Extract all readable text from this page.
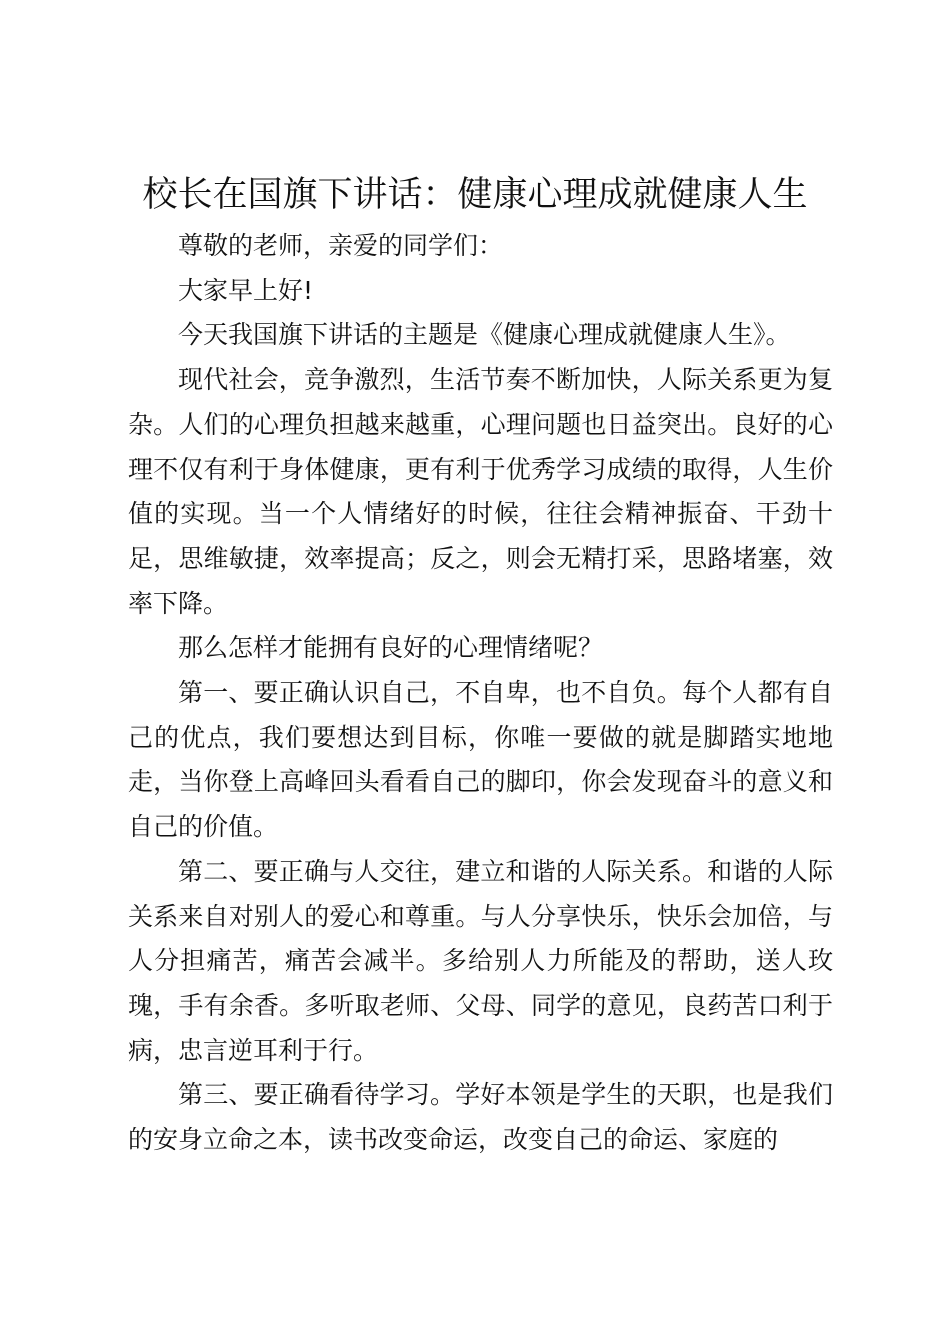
校长在国旗下讲话：健康心理成就健康人生

尊敬的老师，亲爱的同学们：

大家早上好!

今天我国旗下讲话的主题是《健康心理成就健康人生》。

现代社会，竞争激烈，生活节奏不断加快，人际关系更为复杂。人们的心理负担越来越重，心理问题也日益突出。良好的心理不仅有利于身体健康，更有利于优秀学习成绩的取得，人生价值的实现。当一个人情绪好的时候，往往会精神振奋、干劲十足，思维敏捷，效率提高；反之，则会无精打采，思路堵塞，效率下降。

那么怎样才能拥有良好的心理情绪呢？

第一、要正确认识自己，不自卑，也不自负。每个人都有自己的优点，我们要想达到目标，你唯一要做的就是脚踏实地地走，当你登上高峰回头看看自己的脚印，你会发现奋斗的意义和自己的价值。

第二、要正确与人交往，建立和谐的人际关系。和谐的人际关系来自对别人的爱心和尊重。与人分享快乐，快乐会加倍，与人分担痛苦，痛苦会减半。多给别人力所能及的帮助，送人玫瑰，手有余香。多听取老师、父母、同学的意见，良药苦口利于病，忠言逆耳利于行。

第三、要正确看待学习。学好本领是学生的天职，也是我们的安身立命之本，读书改变命运，改变自己的命运、家庭的
